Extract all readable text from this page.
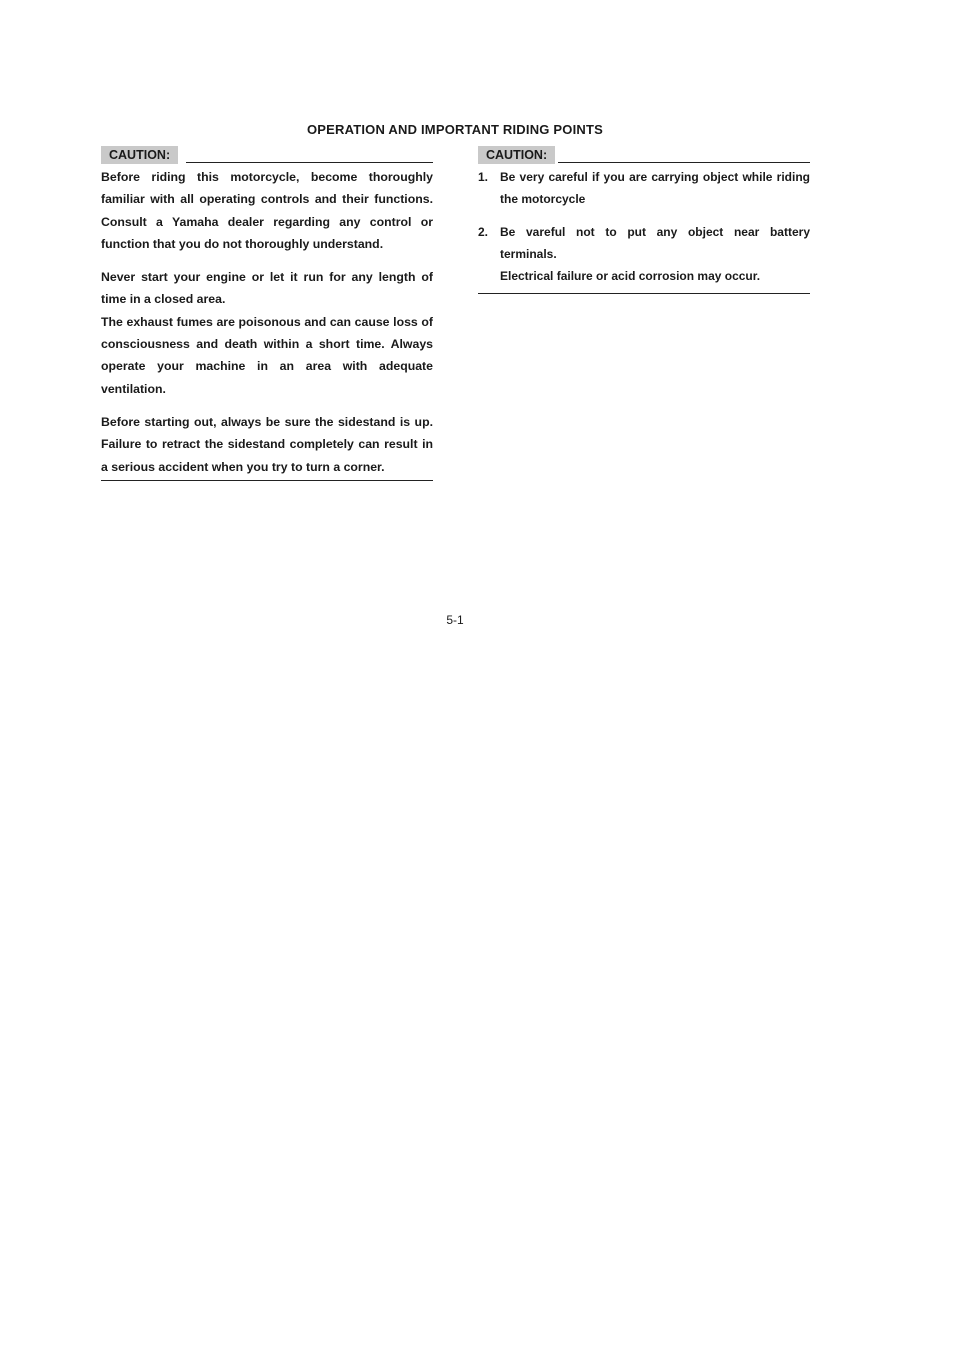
OPERATION AND IMPORTANT RIDING POINTS
CAUTION:

Before riding this motorcycle, become thoroughly familiar with all operating controls and their functions. Consult a Yamaha dealer regarding any control or function that you do not thoroughly understand.

Never start your engine or let it run for any length of time in a closed area.

The exhaust fumes are poisonous and can cause loss of consciousness and death within a short time. Always operate your machine in an area with adequate ventilation.

Before starting out, always be sure the sidestand is up. Failure to retract the sidestand completely can result in a serious accident when you try to turn a corner.

CAUTION:
1. Be very careful if you are carrying object while riding the motorcycle
2. Be vareful not to put any object near battery terminals.
Electrical failure or acid corrosion may occur.
5-1
